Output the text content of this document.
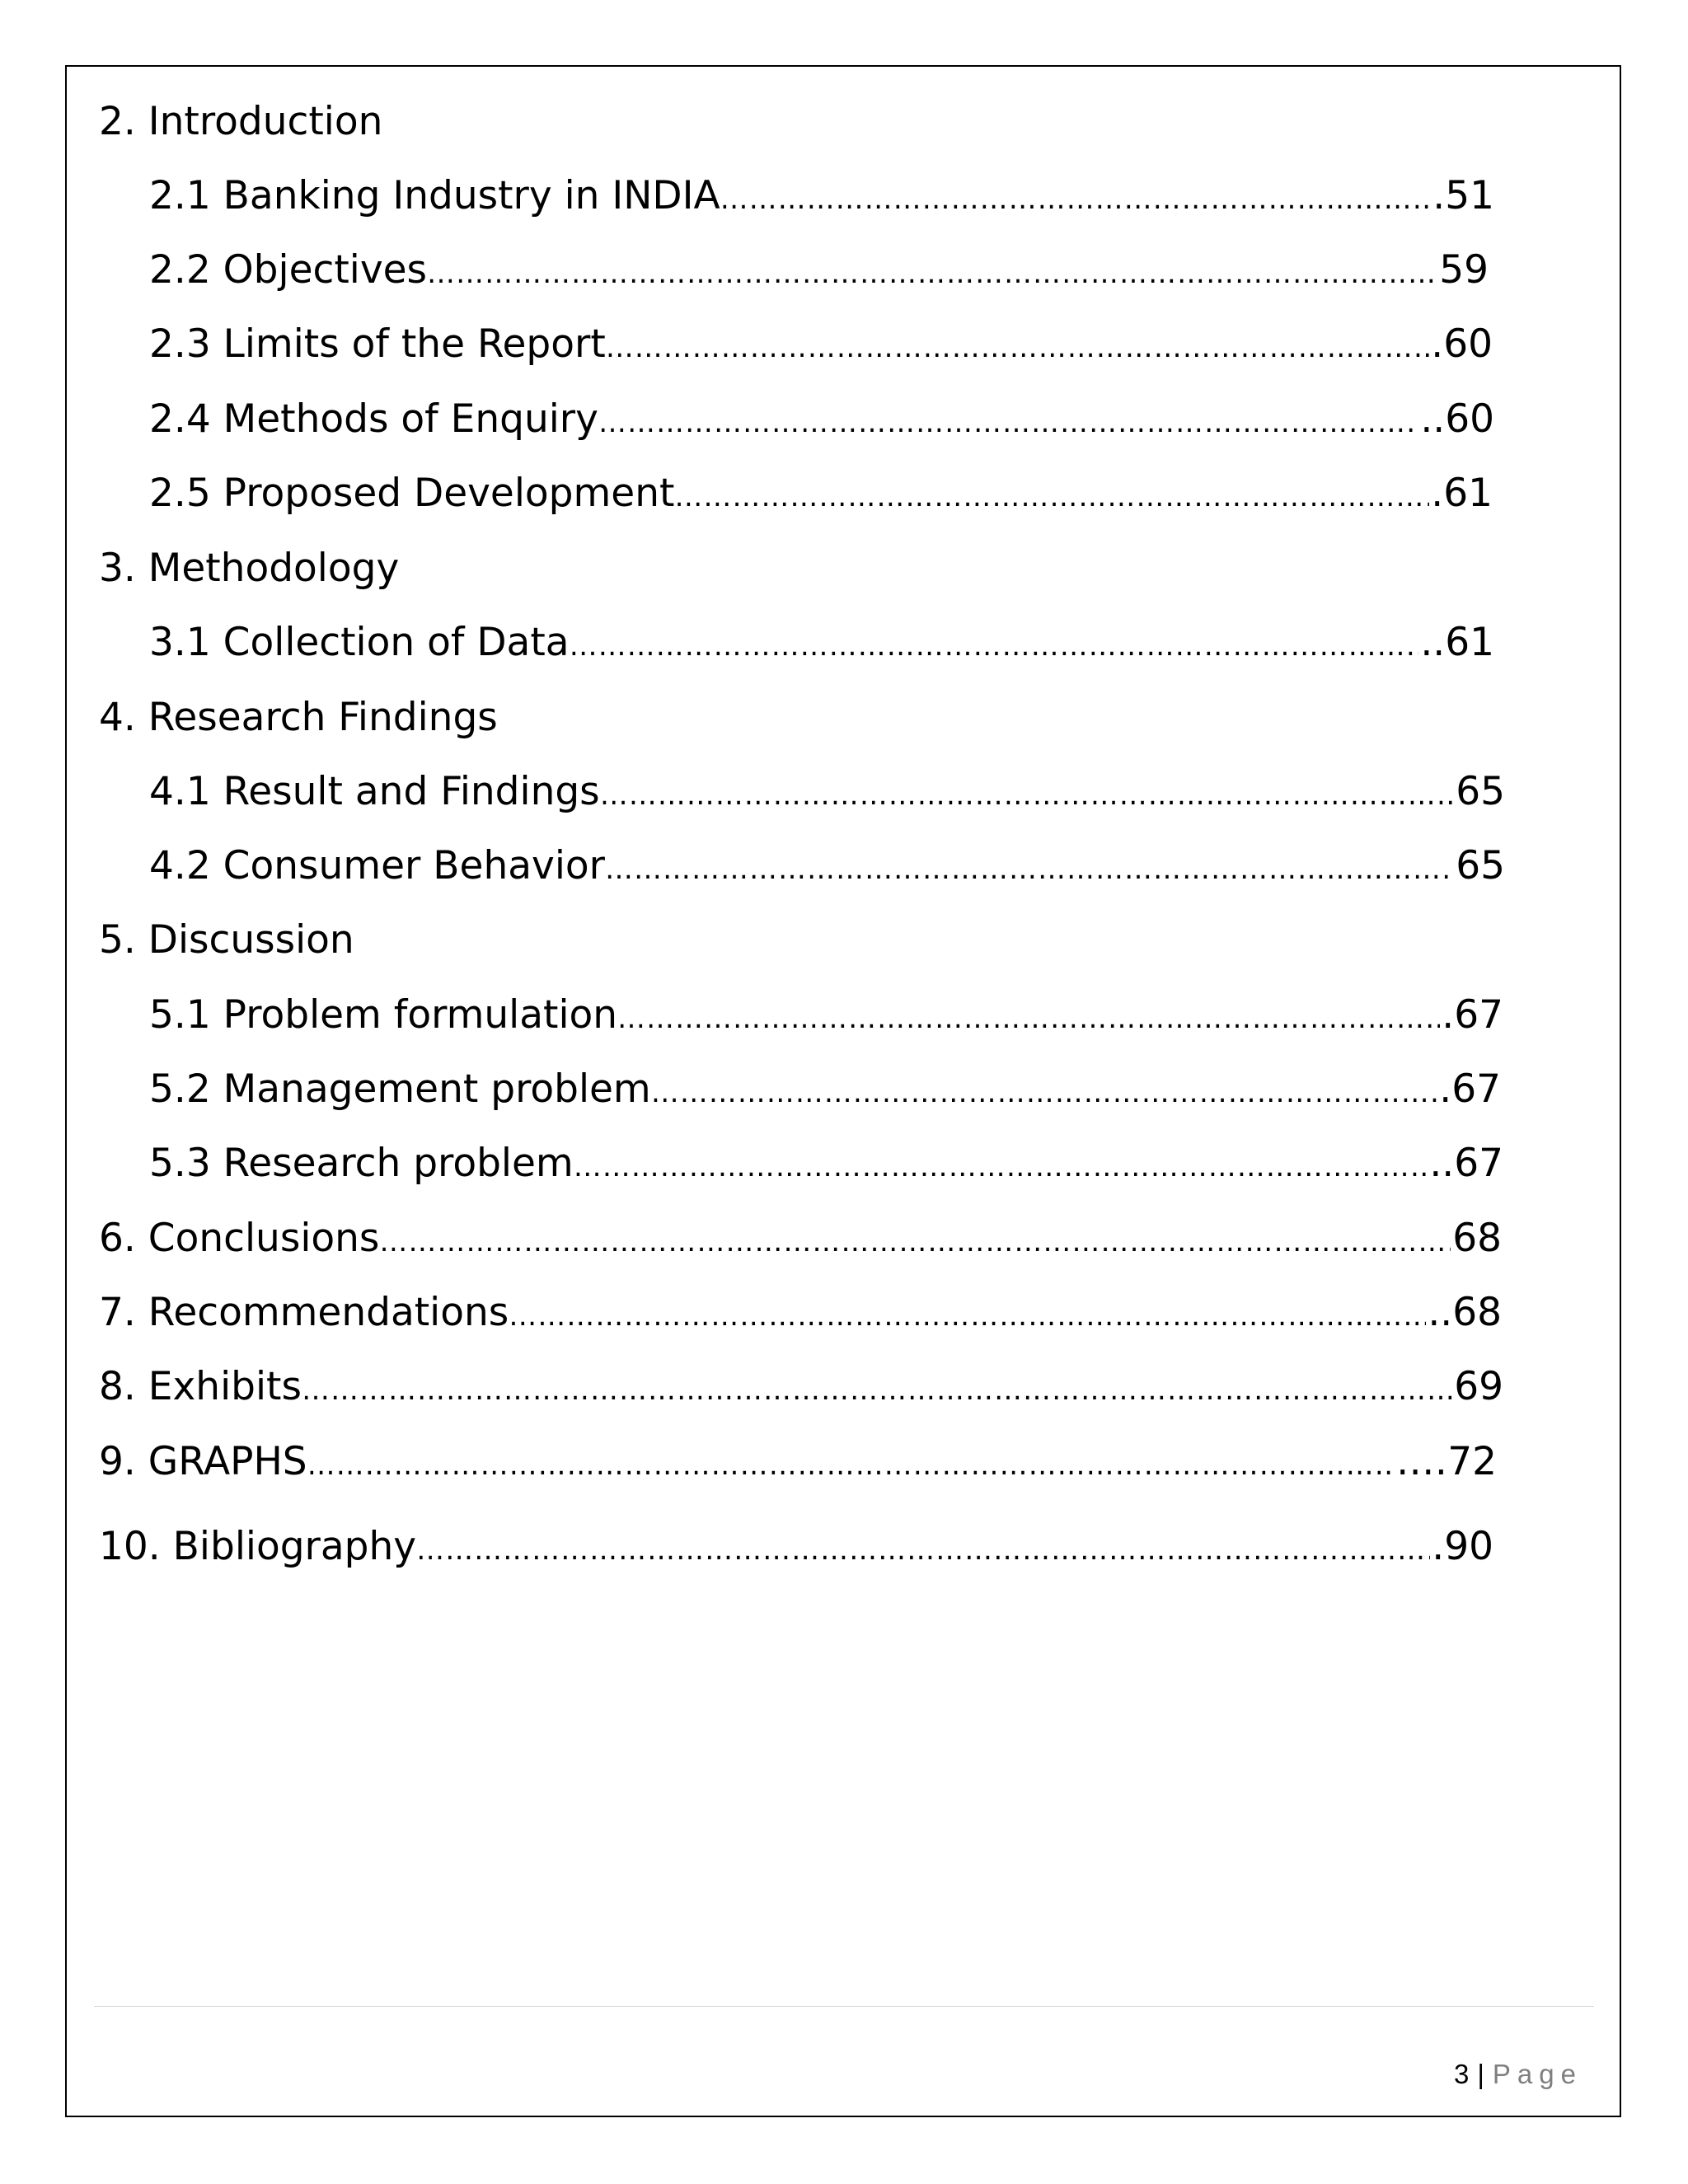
2. Introduction
2.1 Banking Industry in INDIA …………………………………………………………………………………………………………………………………………………………………………………………	.51
2.2 Objectives …………………………………………………………………………………………………………………………………………………………………………………………	59
2.3 Limits of the Report …………………………………………………………………………………………………………………………………………………………………………………………	.60
2.4 Methods of Enquiry …………………………………………………………………………………………………………………………………………………………………………………………	..60
2.5 Proposed Development …………………………………………………………………………………………………………………………………………………………………………………………	.61
3. Methodology
3.1 Collection of Data …………………………………………………………………………………………………………………………………………………………………………………………	..61
4. Research Findings
4.1 Result and Findings …………………………………………………………………………………………………………………………………………………………………………………………	65
4.2 Consumer Behavior …………………………………………………………………………………………………………………………………………………………………………………………	65
5. Discussion
5.1 Problem formulation …………………………………………………………………………………………………………………………………………………………………………………………	.67
5.2 Management problem …………………………………………………………………………………………………………………………………………………………………………………………	.67
5.3 Research problem …………………………………………………………………………………………………………………………………………………………………………………………	..67
6. Conclusions …………………………………………………………………………………………………………………………………………………………………………………………	68
7. Recommendations …………………………………………………………………………………………………………………………………………………………………………………………	..68
8. Exhibits …………………………………………………………………………………………………………………………………………………………………………………………	69
9. GRAPHS …………………………………………………………………………………………………………………………………………………………………………………………	.…72
10. Bibliography …………………………………………………………………………………………………………………………………………………………………………………………	.90

3 | Page
